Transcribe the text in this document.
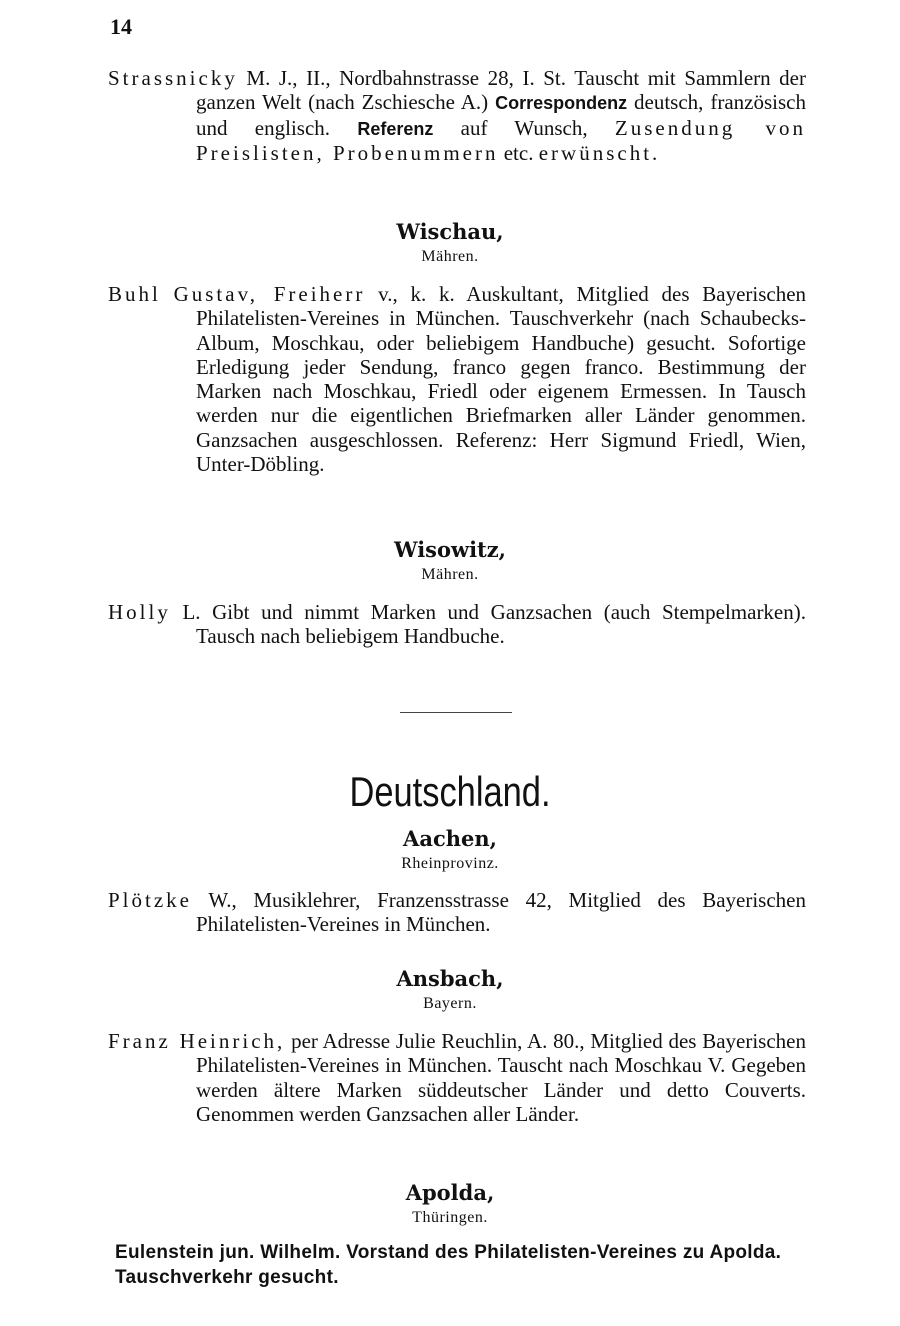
14

Strassnicky M. J., II., Nordbahnstrasse 28, I. St. Tauscht mit Sammlern der ganzen Welt (nach Zschiesche A.) Correspondenz deutsch, französisch und englisch. Referenz auf Wunsch, Zusendung von Preislisten, Probenummern etc. erwünscht.

Wischau,
Mähren.

Buhl Gustav, Freiherr v., k. k. Auskultant, Mitglied des Bayerischen Philatelisten-Vereines in München. Tauschverkehr (nach Schaubecks-Album, Moschkau, oder beliebigem Handbuche) gesucht. Sofortige Erledigung jeder Sendung, franco gegen franco. Bestimmung der Marken nach Moschkau, Friedl oder eigenem Ermessen. In Tausch werden nur die eigentlichen Briefmarken aller Länder genommen. Ganzsachen ausgeschlossen. Referenz: Herr Sigmund Friedl, Wien, Unter-Döbling.

Wisowitz,
Mähren.

Holly L. Gibt und nimmt Marken und Ganzsachen (auch Stempelmarken). Tausch nach beliebigem Handbuche.

Deutschland.
Aachen,
Rheinprovinz.

Plötzke W., Musiklehrer, Franzensstrasse 42, Mitglied des Bayerischen Philatelisten-Vereines in München.

Ansbach,
Bayern.

Franz Heinrich, per Adresse Julie Reuchlin, A. 80., Mitglied des Bayerischen Philatelisten-Vereines in München. Tauscht nach Moschkau V. Gegeben werden ältere Marken süddeutscher Länder und detto Couverts. Genommen werden Ganzsachen aller Länder.

Apolda,
Thüringen.

Eulenstein jun. Wilhelm. Vorstand des Philatelisten-Vereines zu Apolda. Tauschverkehr gesucht.
